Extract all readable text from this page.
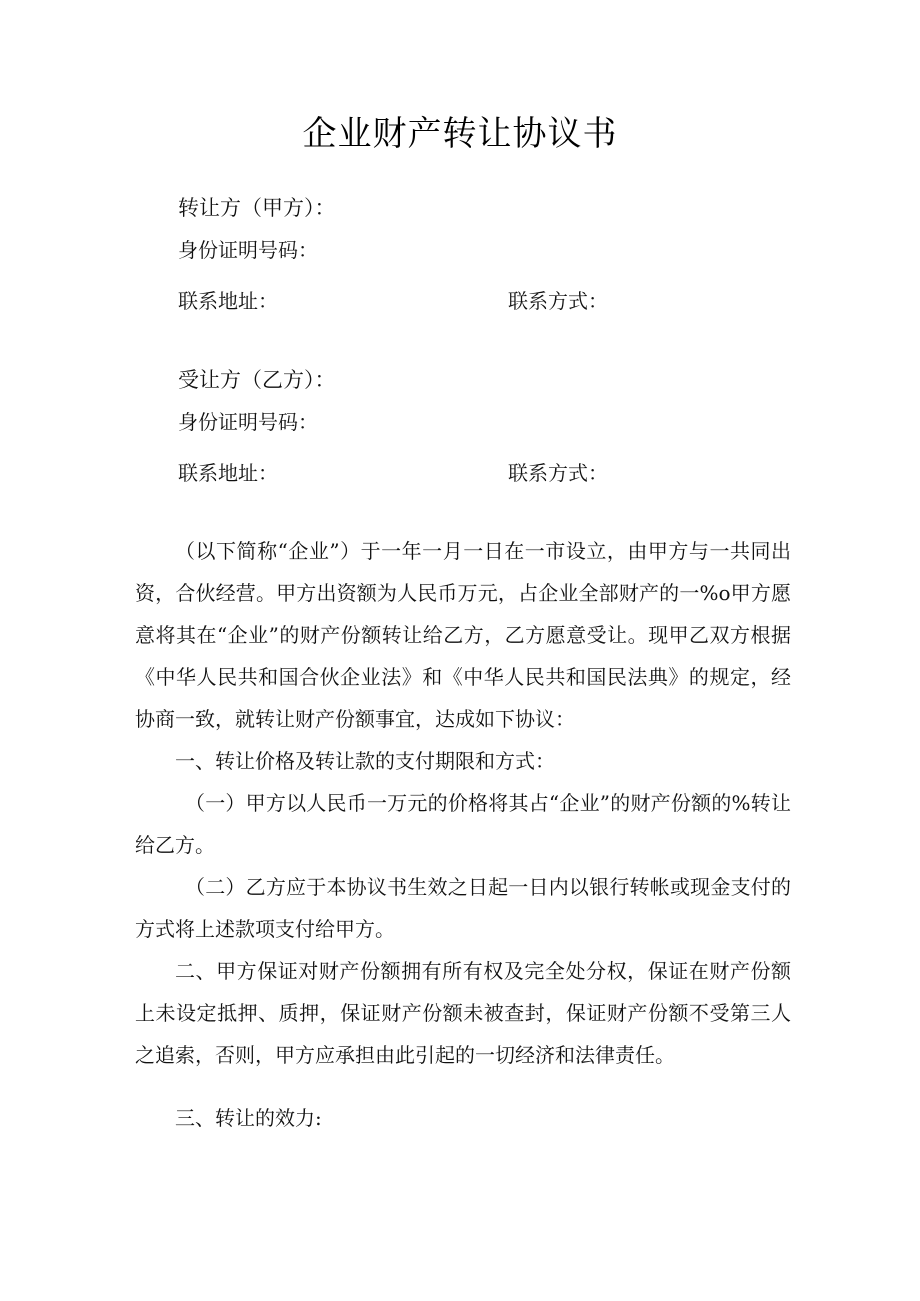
企业财产转让协议书
转让方（甲方）：
身份证明号码：
联系地址：	联系方式：
受让方（乙方）：
身份证明号码：
联系地址：	联系方式：

（以下简称“企业”）于一年一月一日在一市设立，由甲方与一共同出资，合伙经营。甲方出资额为人民币万元，占企业全部财产的一%o甲方愿意将其在“企业”的财产份额转让给乙方，乙方愿意受让。现甲乙双方根据《中华人民共和国合伙企业法》和《中华人民共和国民法典》的规定，经协商一致，就转让财产份额事宜，达成如下协议：

一、转让价格及转让款的支付期限和方式：

（一）甲方以人民币一万元的价格将其占“企业”的财产份额的%转让给乙方。

（二）乙方应于本协议书生效之日起一日内以银行转帐或现金支付的方式将上述款项支付给甲方。

二、甲方保证对财产份额拥有所有权及完全处分权，保证在财产份额上未设定抵押、质押，保证财产份额未被查封，保证财产份额不受第三人之追索，否则，甲方应承担由此引起的一切经济和法律责任。

三、转让的效力:
